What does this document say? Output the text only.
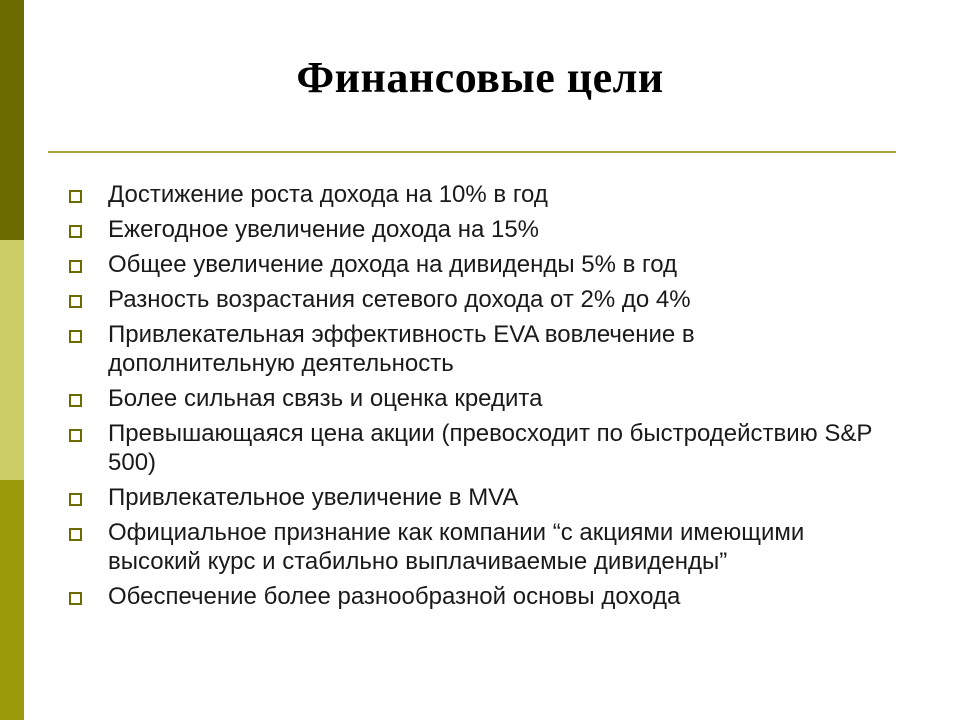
Финансовые цели
Достижение роста дохода на 10% в год
Ежегодное увеличение дохода на 15%
Общее увеличение дохода на дивиденды 5% в год
Разность возрастания сетевого дохода от 2% до 4%
Привлекательная эффективность EVA вовлечение в дополнительную деятельность
Более сильная связь и оценка кредита
Превышающаяся цена акции (превосходит по быстродействию S&P 500)
Привлекательное увеличение в MVA
Официальное признание как компании “с акциями имеющими высокий курс и стабильно выплачиваемые дивиденды”
Обеспечение более разнообразной основы дохода
